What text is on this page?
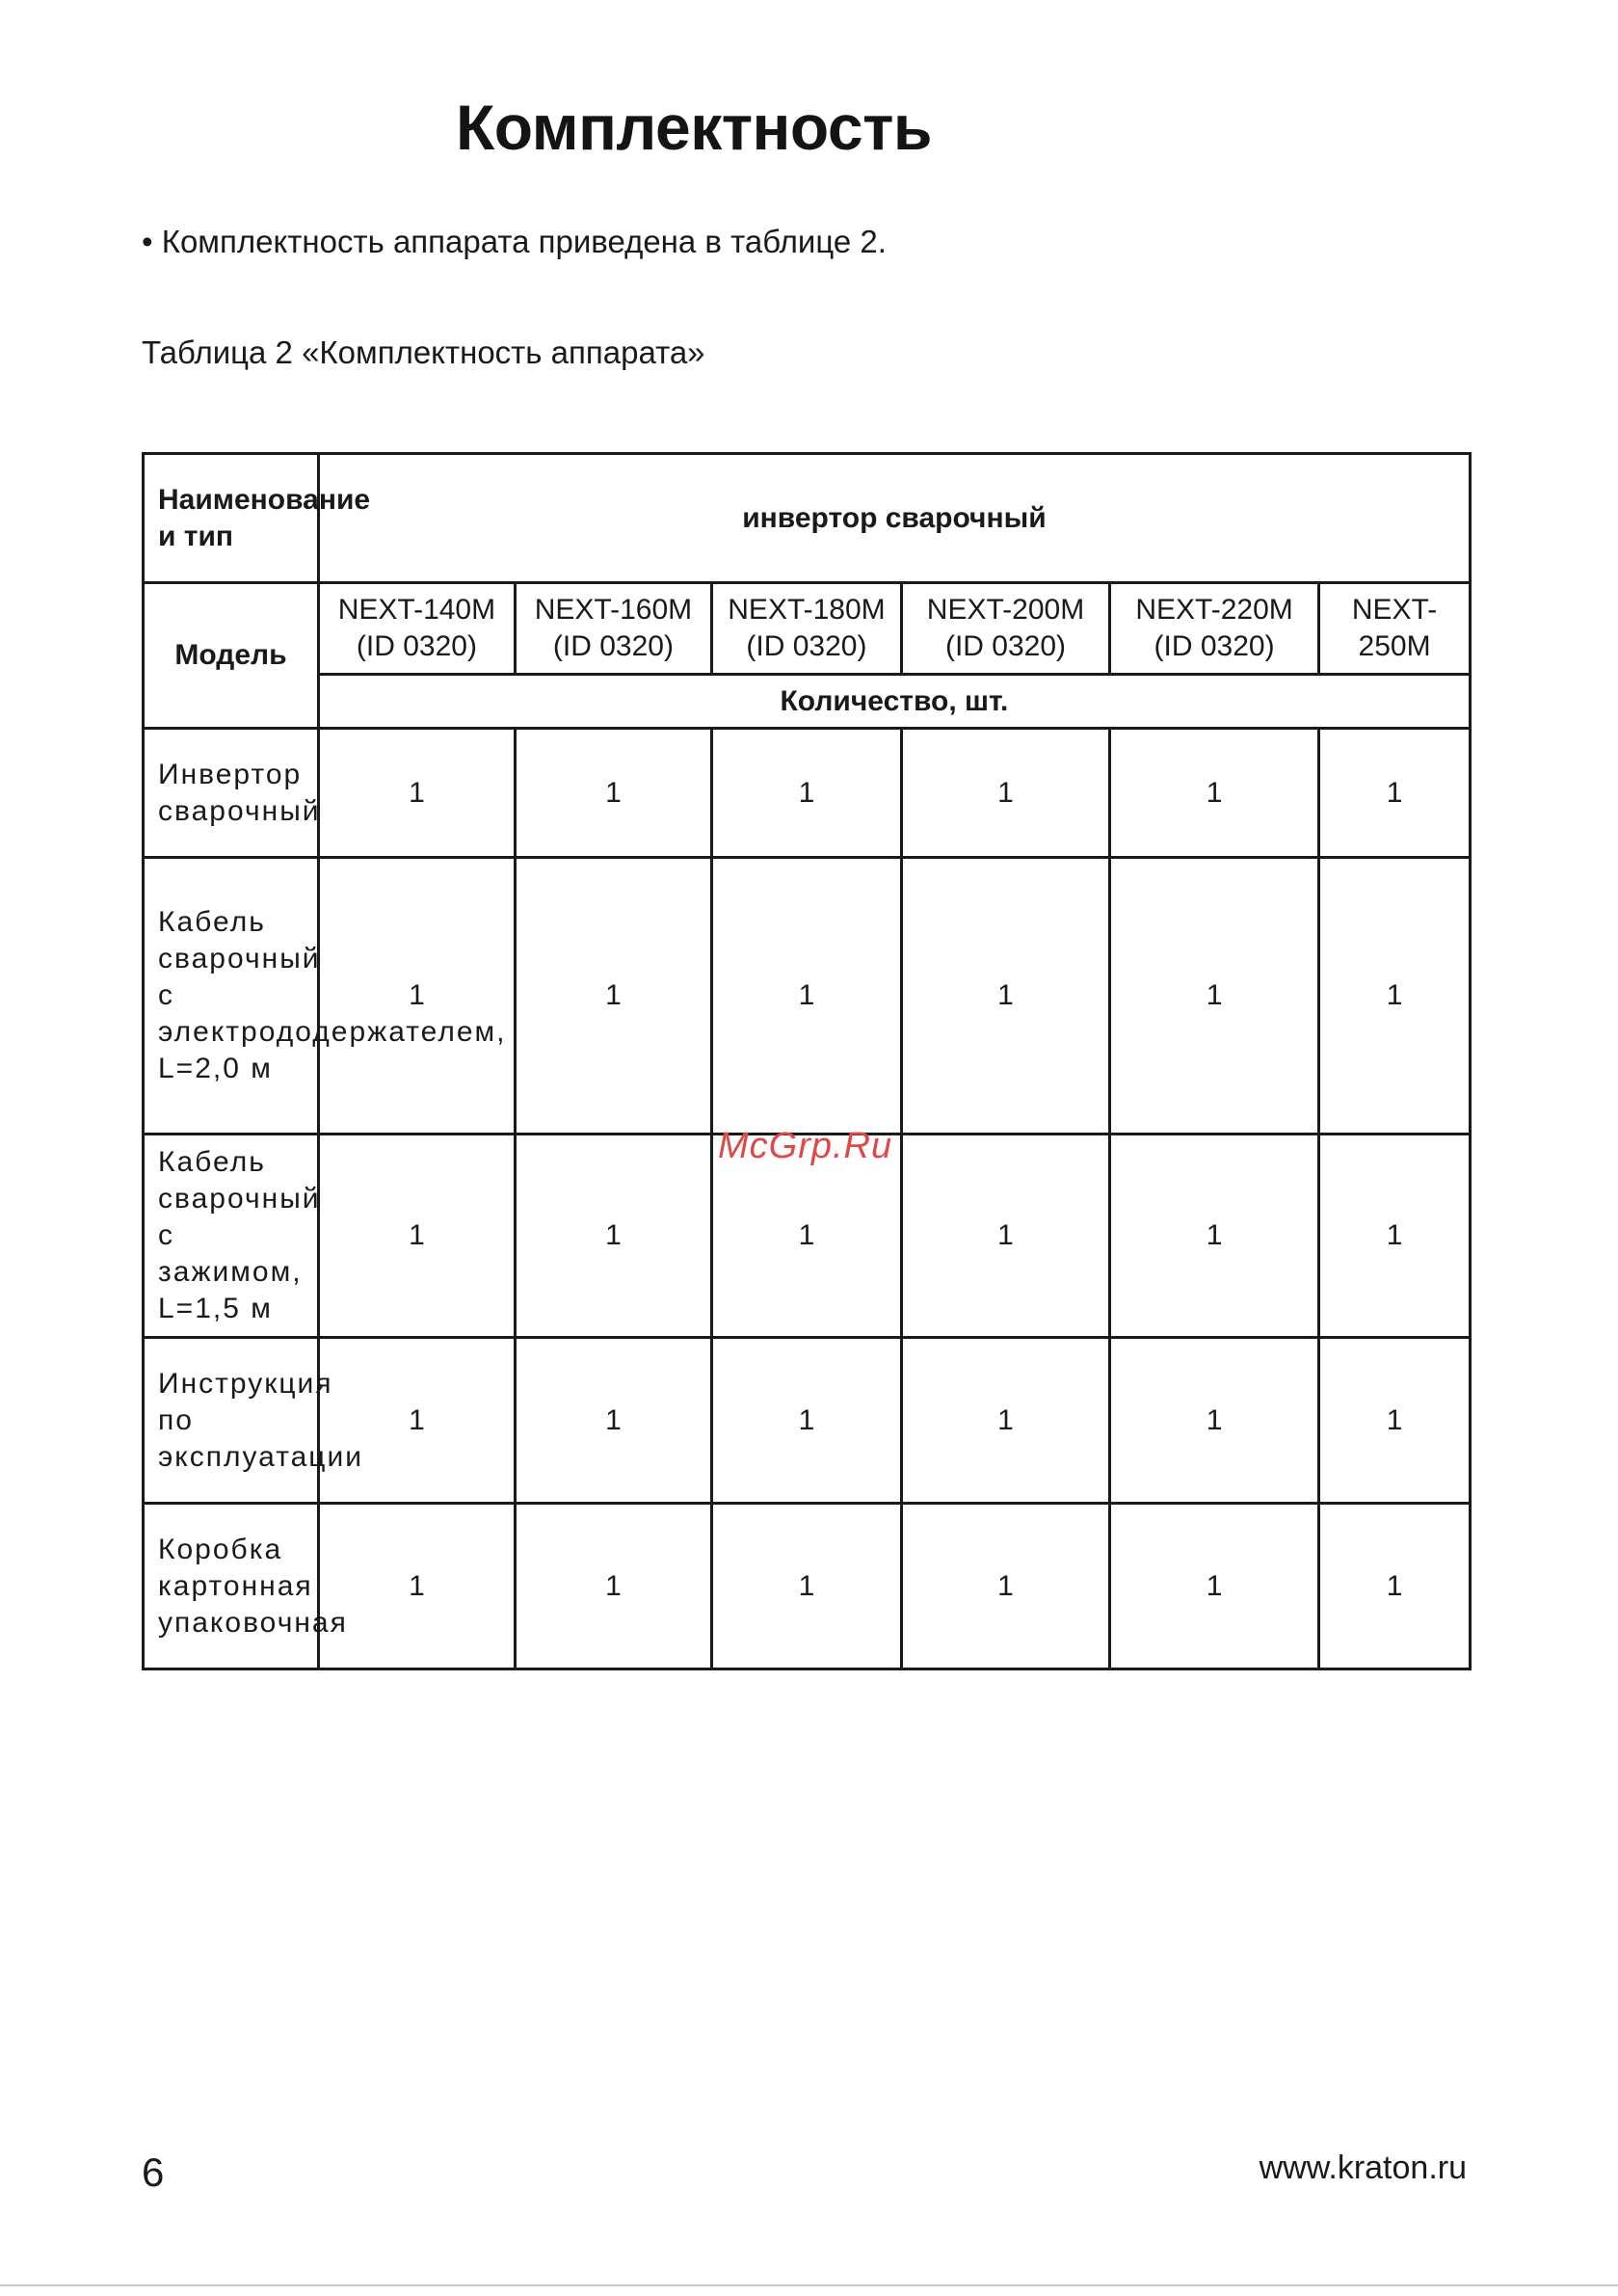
Комплектность
• Комплектность аппарата приведена в таблице 2.
Таблица 2 «Комплектность аппарата»
Наименование и тип	инвертор сварочный					
Модель	NEXT-140M (ID 0320)	NEXT-160M (ID 0320)	NEXT-180M (ID 0320)	NEXT-200M (ID 0320)	NEXT-220M (ID 0320)	NEXT-250M
	Количество, шт.					
Инвертор сварочный	1	1	1	1	1	1
Кабель сварочный с электрододержателем, L=2,0 м	1	1	1	1	1	1
Кабель сварочный с зажимом, L=1,5 м	1	1	1	1	1	1
Инструкция по эксплуатации	1	1	1	1	1	1
Коробка картонная упаковочная	1	1	1	1	1	1
McGrp.Ru
6	www.kraton.ru
